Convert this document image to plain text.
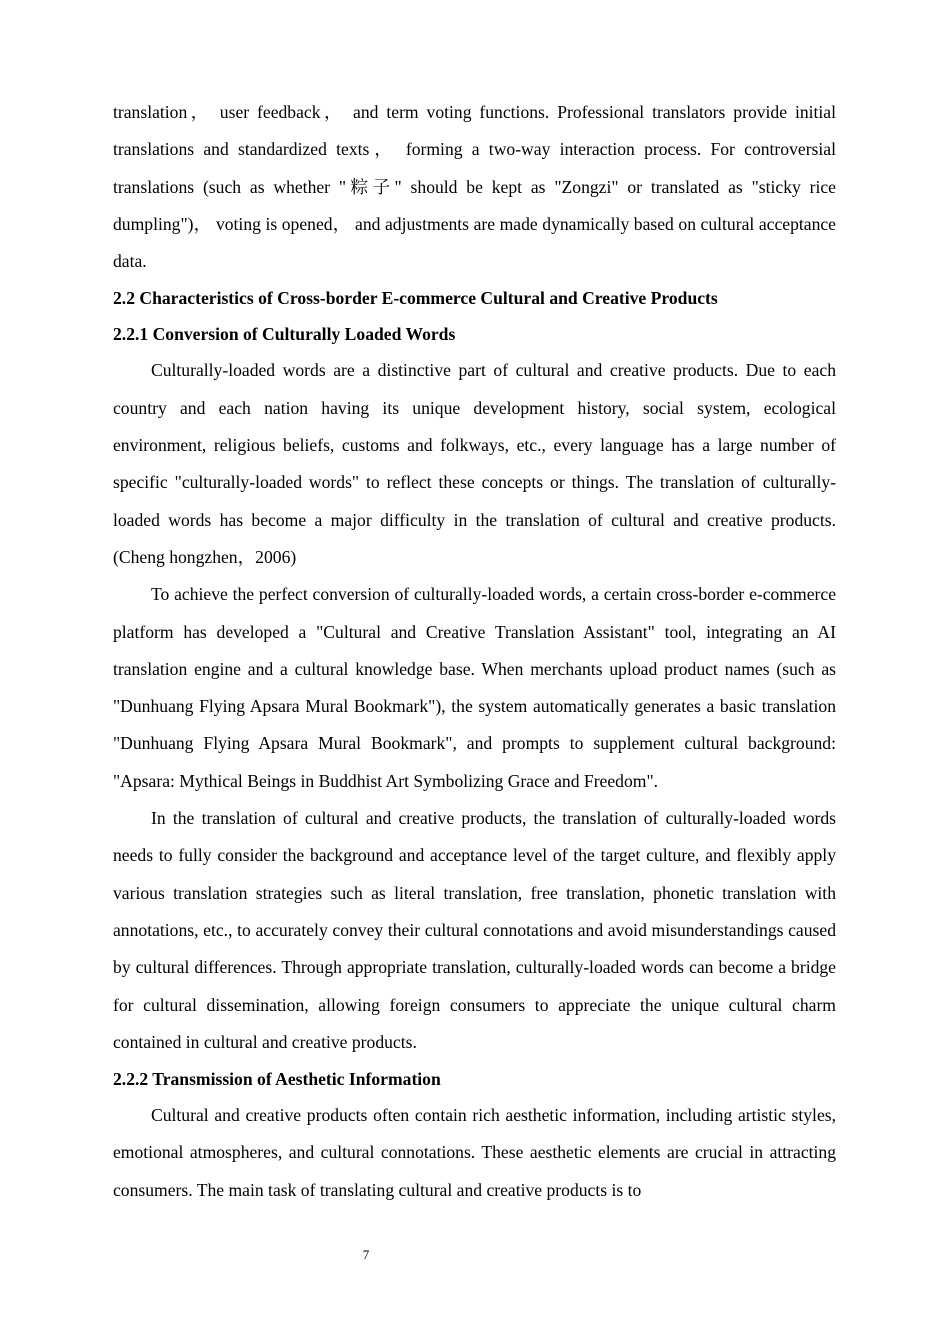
translation， user feedback， and term voting functions. Professional translators provide initial translations and standardized texts， forming a two-way interaction process. For controversial translations (such as whether "粽子" should be kept as "Zongzi" or translated as "sticky rice dumpling")， voting is opened， and adjustments are made dynamically based on cultural acceptance data.

2.2 Characteristics of Cross-border E-commerce Cultural and Creative Products

2.2.1 Conversion of Culturally Loaded Words

Culturally-loaded words are a distinctive part of cultural and creative products. Due to each country and each nation having its unique development history, social system, ecological environment, religious beliefs, customs and folkways, etc., every language has a large number of specific "culturally-loaded words" to reflect these concepts or things. The translation of culturally-loaded words has become a major difficulty in the translation of cultural and creative products. (Cheng hongzhen，2006)

To achieve the perfect conversion of culturally-loaded words, a certain cross-border e-commerce platform has developed a "Cultural and Creative Translation Assistant" tool, integrating an AI translation engine and a cultural knowledge base. When merchants upload product names (such as "Dunhuang Flying Apsara Mural Bookmark"), the system automatically generates a basic translation "Dunhuang Flying Apsara Mural Bookmark", and prompts to supplement cultural background: "Apsara: Mythical Beings in Buddhist Art Symbolizing Grace and Freedom".

In the translation of cultural and creative products, the translation of culturally-loaded words needs to fully consider the background and acceptance level of the target culture, and flexibly apply various translation strategies such as literal translation, free translation, phonetic translation with annotations, etc., to accurately convey their cultural connotations and avoid misunderstandings caused by cultural differences. Through appropriate translation, culturally-loaded words can become a bridge for cultural dissemination, allowing foreign consumers to appreciate the unique cultural charm contained in cultural and creative products.

2.2.2 Transmission of Aesthetic Information

Cultural and creative products often contain rich aesthetic information, including artistic styles, emotional atmospheres, and cultural connotations. These aesthetic elements are crucial in attracting consumers. The main task of translating cultural and creative products is to

7
